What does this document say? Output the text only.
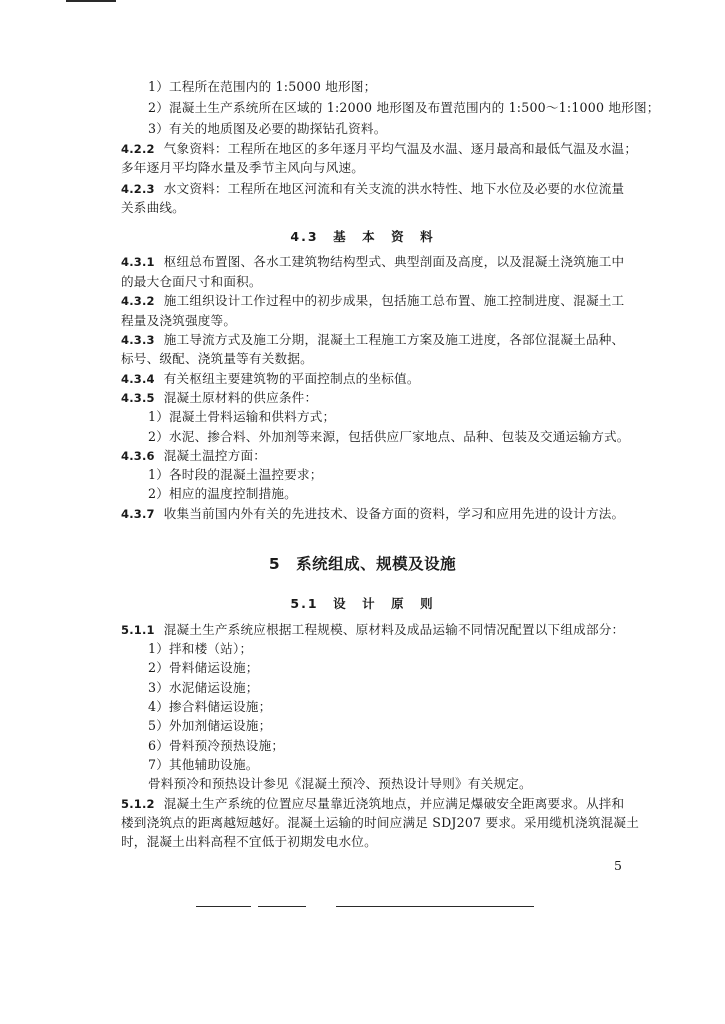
1）工程所在范围内的 1:5000 地形图；
2）混凝土生产系统所在区域的 1:2000 地形图及布置范围内的 1:500～1:1000 地形图；
3）有关的地质图及必要的勘探钻孔资料。
4.2.2 气象资料：工程所在地区的多年逐月平均气温及水温、逐月最高和最低气温及水温；
多年逐月平均降水量及季节主风向与风速。
4.2.3 水文资料：工程所在地区河流和有关支流的洪水特性、地下水位及必要的水位流量
关系曲线。
4.3　基　本　资　料
4.3.1 枢纽总布置图、各水工建筑物结构型式、典型剖面及高度，以及混凝土浇筑施工中
的最大仓面尺寸和面积。
4.3.2 施工组织设计工作过程中的初步成果，包括施工总布置、施工控制进度、混凝土工
程量及浇筑强度等。
4.3.3 施工导流方式及施工分期，混凝土工程施工方案及施工进度，各部位混凝土品种、
标号、级配、浇筑量等有关数据。
4.3.4 有关枢纽主要建筑物的平面控制点的坐标值。
4.3.5 混凝土原材料的供应条件：
1）混凝土骨料运输和供料方式；
2）水泥、掺合料、外加剂等来源，包括供应厂家地点、品种、包装及交通运输方式。
4.3.6 混凝土温控方面：
1）各时段的混凝土温控要求；
2）相应的温度控制措施。
4.3.7 收集当前国内外有关的先进技术、设备方面的资料，学习和应用先进的设计方法。
5　系统组成、规模及设施
5.1　设　计　原　则
5.1.1 混凝土生产系统应根据工程规模、原材料及成品运输不同情况配置以下组成部分：
1）拌和楼（站）；
2）骨料储运设施；
3）水泥储运设施；
4）掺合料储运设施；
5）外加剂储运设施；
6）骨料预冷预热设施；
7）其他辅助设施。
骨料预冷和预热设计参见《混凝土预冷、预热设计导则》有关规定。
5.1.2 混凝土生产系统的位置应尽量靠近浇筑地点，并应满足爆破安全距离要求。从拌和
楼到浇筑点的距离越短越好。混凝土运输的时间应满足 SDJ207 要求。采用缆机浇筑混凝土
时，混凝土出料高程不宜低于初期发电水位。
5
